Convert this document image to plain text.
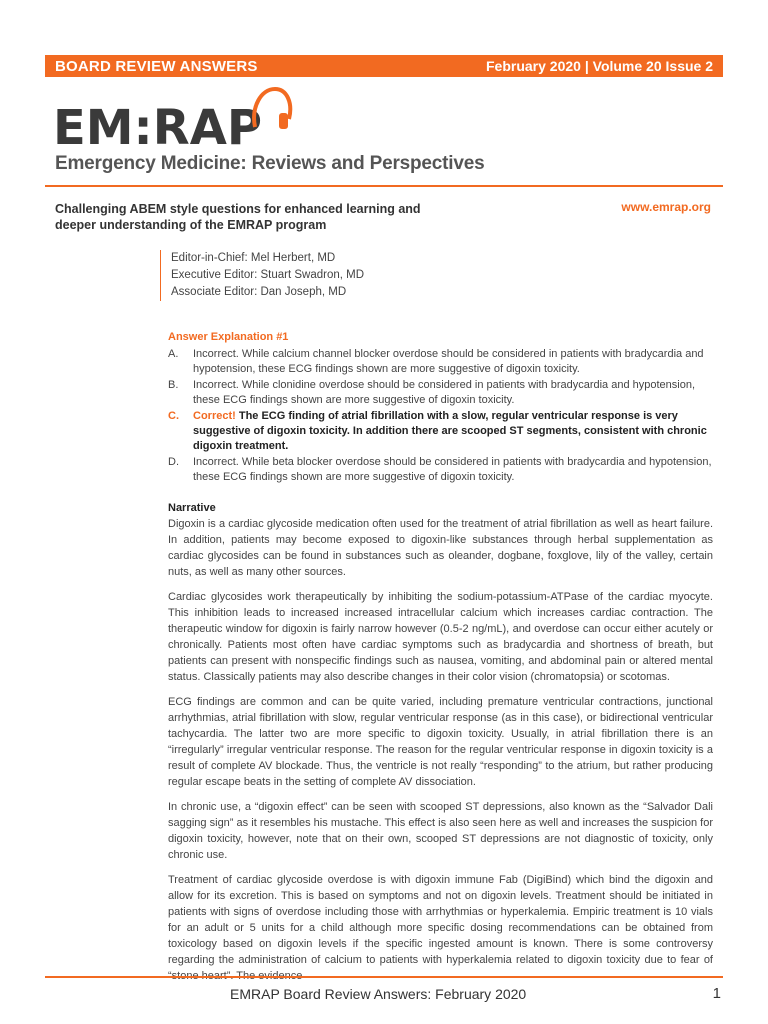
BOARD REVIEW ANSWERS	February 2020 | Volume 20 Issue 2
EM:RAP
Emergency Medicine: Reviews and Perspectives
Challenging ABEM style questions for enhanced learning and deeper understanding of the EMRAP program
www.emrap.org
Editor-in-Chief: Mel Herbert, MD
Executive Editor: Stuart Swadron, MD
Associate Editor: Dan Joseph, MD
Answer Explanation #1
A.	Incorrect. While calcium channel blocker overdose should be considered in patients with bradycardia and hypotension, these ECG findings shown are more suggestive of digoxin toxicity.
B.	Incorrect. While clonidine overdose should be considered in patients with bradycardia and hypotension, these ECG findings shown are more suggestive of digoxin toxicity.
C.	Correct! The ECG finding of atrial fibrillation with a slow, regular ventricular response is very suggestive of digoxin toxicity. In addition there are scooped ST segments, consistent with chronic digoxin treatment.
D.	Incorrect. While beta blocker overdose should be considered in patients with bradycardia and hypotension, these ECG findings shown are more suggestive of digoxin toxicity.
Narrative

Digoxin is a cardiac glycoside medication often used for the treatment of atrial fibrillation as well as heart failure. In addition, patients may become exposed to digoxin-like substances through herbal supplementation as cardiac glycosides can be found in substances such as oleander, dogbane, foxglove, lily of the valley, certain nuts, as well as many other sources.

Cardiac glycosides work therapeutically by inhibiting the sodium-potassium-ATPase of the cardiac myocyte. This inhibition leads to increased increased intracellular calcium which increases cardiac contraction. The therapeutic window for digoxin is fairly narrow however (0.5-2 ng/mL), and overdose can occur either acutely or chronically. Patients most often have cardiac symptoms such as bradycardia and shortness of breath, but patients can present with nonspecific findings such as nausea, vomiting, and abdominal pain or altered mental status. Classically patients may also describe changes in their color vision (chromatopsia) or scotomas.

ECG findings are common and can be quite varied, including premature ventricular contractions, junctional arrhythmias, atrial fibrillation with slow, regular ventricular response (as in this case), or bidirectional ventricular tachycardia. The latter two are more specific to digoxin toxicity. Usually, in atrial fibrillation there is an “irregularly” irregular ventricular response. The reason for the regular ventricular response in digoxin toxicity is a result of complete AV blockade. Thus, the ventricle is not really “responding” to the atrium, but rather producing regular escape beats in the setting of complete AV dissociation.

In chronic use, a “digoxin effect” can be seen with scooped ST depressions, also known as the “Salvador Dali sagging sign” as it resembles his mustache. This effect is also seen here as well and increases the suspicion for digoxin toxicity, however, note that on their own, scooped ST depressions are not diagnostic of toxicity, only chronic use.

Treatment of cardiac glycoside overdose is with digoxin immune Fab (DigiBind) which bind the digoxin and allow for its excretion. This is based on symptoms and not on digoxin levels. Treatment should be initiated in patients with signs of overdose including those with arrhythmias or hyperkalemia. Empiric treatment is 10 vials for an adult or 5 units for a child although more specific dosing recommendations can be obtained from toxicology based on digoxin levels if the specific ingested amount is known. There is some controversy regarding the administration of calcium to patients with hyperkalemia related to digoxin toxicity due to fear of

EMRAP Board Review Answers: February 2020	1
